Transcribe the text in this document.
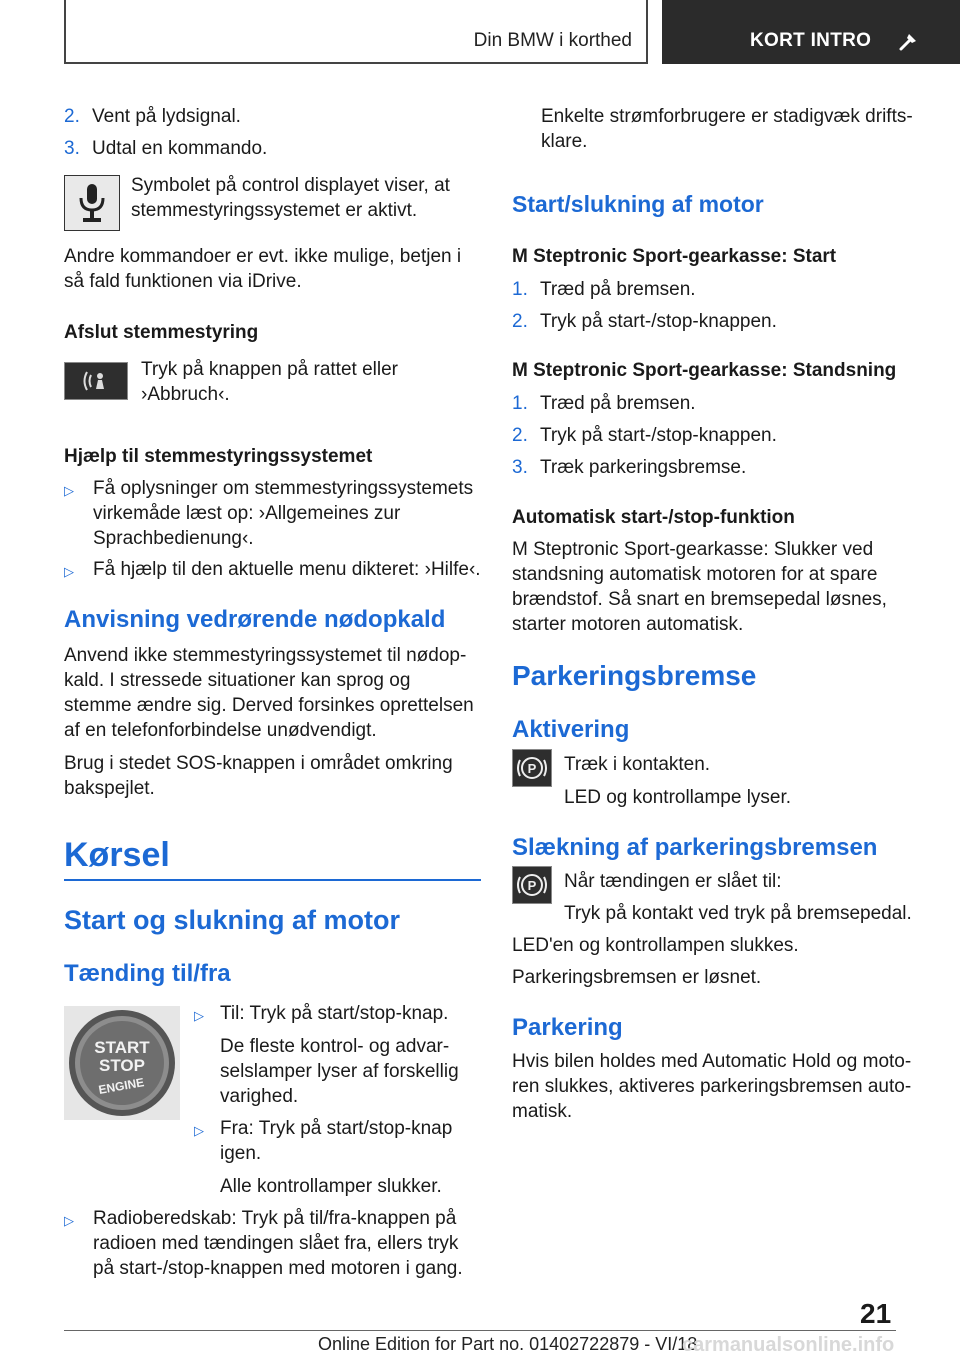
Din BMW i korthed	KORT INTRO
2. Vent på lydsignal.
3. Udtal en kommando.
Symbolet på control displayet viser, at
stemmestyringssystemet er aktivt.
Andre kommandoer er evt. ikke mulige, betjen i
så fald funktionen via iDrive.
Afslut stemmestyring
Tryk på knappen på rattet eller
›Abbruch‹.
Hjælp til stemmestyringssystemet
▷ Få oplysninger om stemmestyringssystemets
virkemåde læst op: ›Allgemeines zur
Sprachbedienung‹.
▷	Få hjælp til den aktuelle menu dikteret: ›Hilfe‹.
Anvisning vedrørende nødopkald
Anvend ikke stemmestyringssystemet til nødop-
kald. I stressede situationer kan sprog og
stemme ændre sig. Derved forsinkes oprettelsen
af en telefonforbindelse unødvendigt.
Brug i stedet SOS-knappen i området omkring
bakspejlet.
Kørsel
Start og slukning af motor
Tænding til/fra
START
STOP
ENGINE
▷ Til: Tryk på start/stop-knap.
De fleste kontrol- og advar-
selslamper lyser af forskellig
varighed.
▷ Fra: Tryk på start/stop-knap
igen.
Alle kontrollamper slukker.
▷ Radioberedskab: Tryk på til/fra-knappen på
radioen med tændingen slået fra, ellers tryk
på start-/stop-knappen med motoren i gang.
Enkelte strømforbrugere er stadigvæk drifts-
klare.
Start/slukning af motor
M Steptronic Sport-gearkasse: Start
1. Træd på bremsen.
2. Tryk på start-/stop-knappen.
M Steptronic Sport-gearkasse: Standsning
1. Træd på bremsen.
2. Tryk på start-/stop-knappen.
3. Træk parkeringsbremse.
Automatisk start-/stop-funktion
M Steptronic Sport-gearkasse: Slukker ved
standsning automatisk motoren for at spare
brændstof. Så snart en bremsepedal løsnes,
starter motoren automatisk.
Parkeringsbremse
Aktivering
P Træk i kontakten.
LED og kontrollampe lyser.
Slækning af parkeringsbremsen
P Når tændingen er slået til:
Tryk på kontakt ved tryk på bremsepedal.
LED'en og kontrollampen slukkes.
Parkeringsbremsen er løsnet.
Parkering
Hvis bilen holdes med Automatic Hold og moto-
ren slukkes, aktiveres parkeringsbremsen auto-
matisk.
21
Online Edition for Part no. 01402722879 - VI/18
carmanualsonline.info
